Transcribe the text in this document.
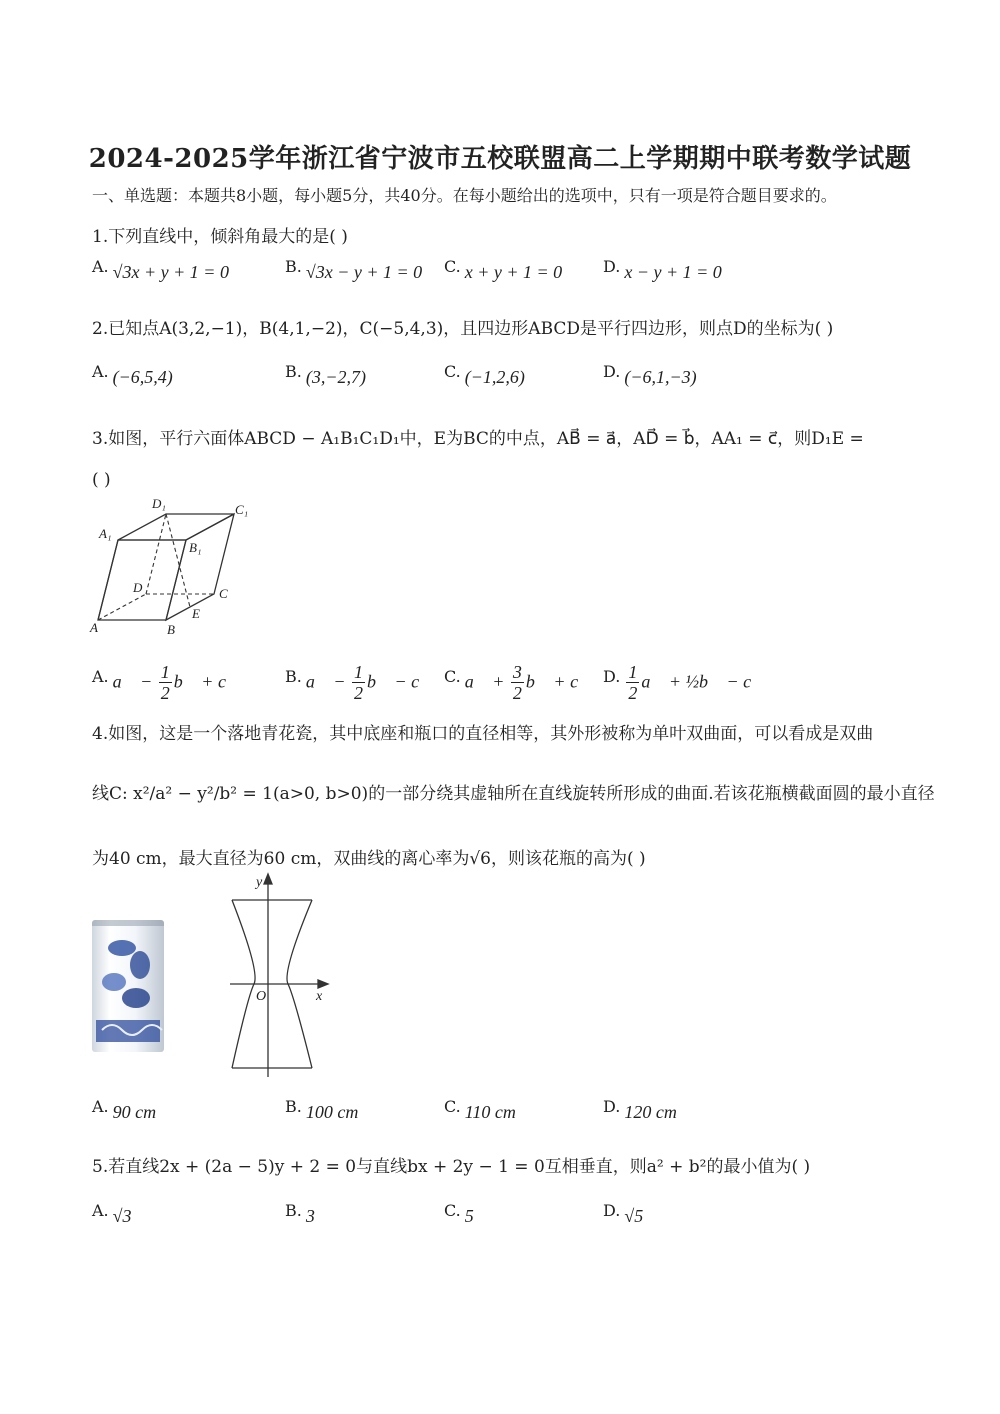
2024-2025学年浙江省宁波市五校联盟高二上学期期中联考数学试题
一、单选题：本题共8小题，每小题5分，共40分。在每小题给出的选项中，只有一项是符合题目要求的。
1.下列直线中，倾斜角最大的是( )
A. √3x + y + 1 = 0	B. √3x − y + 1 = 0 C. x + y + 1 = 0	D. x − y + 1 = 0
2.已知点A(3,2,−1)，B(4,1,−2)，C(−5,4,3)，且四边形ABCD是平行四边形，则点D的坐标为( )
A. (−6,5,4)	B. (3,−2,7)	C. (−1,2,6)	D. (−6,1,−3)
3.如图，平行六面体ABCD − A₁B₁C₁D₁中，E为BC的中点，AB⃗ = a⃗，AD⃗ = b⃗，AA₁ = c⃗，则D₁E =
( )
D₁	C₁
A₁
B₁
D	C
A	B
E
A. a⃗ − $\frac{1}{2}$ b⃗ + c⃗	B. a⃗ − $\frac{1}{2}$ b⃗ − c⃗ C. a⃗ + $\frac{3}{2}$ b⃗ + c⃗ D. $\frac{1}{2}$ a⃗ + ½b⃗ − c⃗
4.如图，这是一个落地青花瓷，其中底座和瓶口的直径相等，其外形被称为单叶双曲面，可以看成是双曲
线C: x²/a² − y²/b² = 1(a>0, b>0)的一部分绕其虚轴所在直线旋转所形成的曲面.若该花瓶横截面圆的最小直径
为40 cm，最大直径为60 cm，双曲线的离心率为√6，则该花瓶的高为( )
y
x
O
A. 90 cm	B. 100 cm	C. 110 cm	D. 120 cm
5.若直线2x + (2a − 5)y + 2 = 0与直线bx + 2y − 1 = 0互相垂直，则a² + b²的最小值为( )
A. √3	B. 3	C. 5	D. √5
